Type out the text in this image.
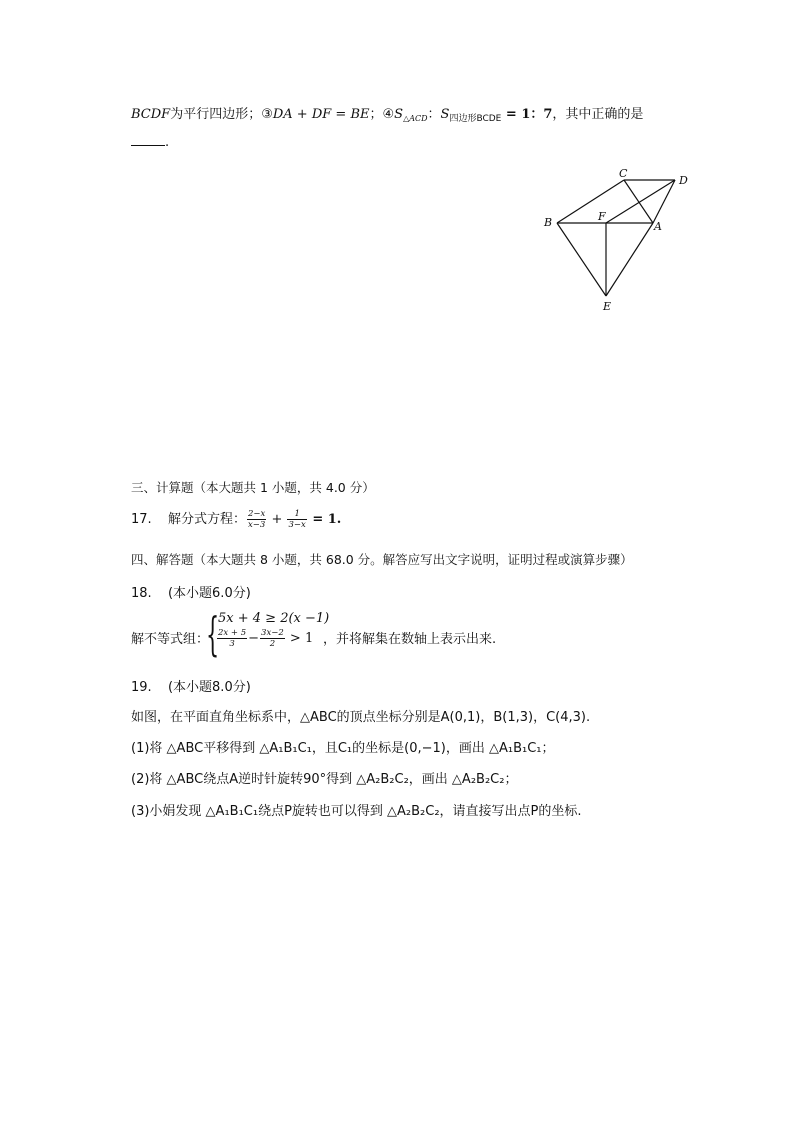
BCDF为平行四边形；③DA + DF = BE；$④S_{\triangle ACD}$：$S_{四边形BCDE} = 1$：7，其中正确的是
.
C
D
B	F
A
E
三、计算题（本大题共 1 小题，共 4.0 分）
17. 解分式方程： $\frac{2-x}{x-3} + \frac{1}{3-x} = 1$.
四、解答题（本大题共 8 小题，共 68.0 分。解答应写出文字说明，证明过程或演算步骤）
18. (本小题6.0分)
解不等式组：
{
5x + 4 ≥ 2(x −1)
$\frac{2x + 5}{3} - \frac{3x-2}{2} > 1$ ，并将解集在数轴上表示出来.
19. (本小题8.0分)
如图，在平面直角坐标系中，△ABC的顶点坐标分别是A(0,1)，B(1,3)，C(4,3).
(1)将 △ABC平移得到 △A₁B₁C₁，且C₁的坐标是(0,−1)，画出 △A₁B₁C₁；
(2)将 △ABC绕点A逆时针旋转90°得到 △A₂B₂C₂，画出 △A₂B₂C₂；
(3)小娟发现 △A₁B₁C₁绕点P旋转也可以得到 △A₂B₂C₂，请直接写出点P的坐标.
